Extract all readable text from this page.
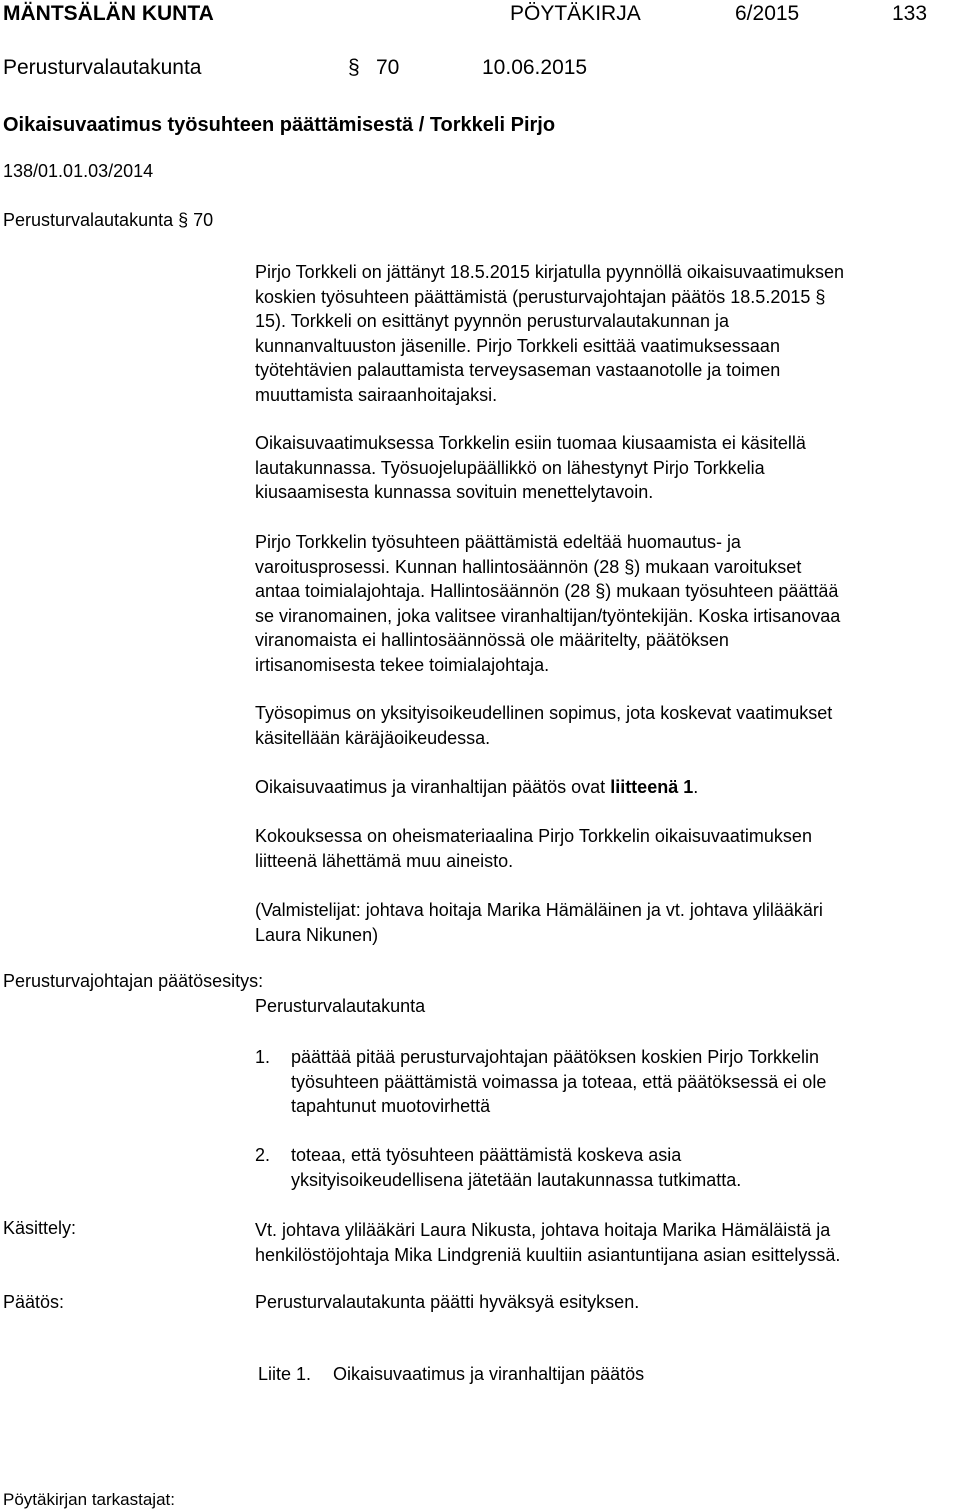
MÄNTSÄLÄN KUNTA	PÖYTÄKIRJA	6/2015	133
Perusturvalautakunta	§ 70	10.06.2015
Oikaisuvaatimus työsuhteen päättämisestä / Torkkeli Pirjo
138/01.01.03/2014
Perusturvalautakunta § 70

Pirjo Torkkeli on jättänyt 18.5.2015 kirjatulla pyynnöllä oikaisuvaatimuksen

koskien työsuhteen päättämistä (perusturvajohtajan päätös 18.5.2015 §

15). Torkkeli on esittänyt pyynnön perusturvalautakunnan ja

kunnanvaltuuston jäsenille. Pirjo Torkkeli esittää vaatimuksessaan

työtehtävien palauttamista terveysaseman vastaanotolle ja toimen

muuttamista sairaanhoitajaksi.

Oikaisuvaatimuksessa Torkkelin esiin tuomaa kiusaamista ei käsitellä

lautakunnassa. Työsuojelupäällikkö on lähestynyt Pirjo Torkkelia

kiusaamisesta kunnassa sovituin menettelytavoin.

Pirjo Torkkelin työsuhteen päättämistä edeltää huomautus- ja

varoitusprosessi. Kunnan hallintosäännön (28 §) mukaan varoitukset

antaa toimialajohtaja. Hallintosäännön (28 §) mukaan työsuhteen päättää

se viranomainen, joka valitsee viranhaltijan/työntekijän. Koska irtisanovaa

viranomaista ei hallintosäännössä ole määritelty, päätöksen

irtisanomisesta tekee toimialajohtaja.

Työsopimus on yksityisoikeudellinen sopimus, jota koskevat vaatimukset

käsitellään käräjäoikeudessa.

Oikaisuvaatimus ja viranhaltijan päätös ovat liitteenä 1.

Kokouksessa on oheismateriaalina Pirjo Torkkelin oikaisuvaatimuksen

liitteenä lähettämä muu aineisto.

(Valmistelijat: johtava hoitaja Marika Hämäläinen ja vt. johtava ylilääkäri

Laura Nikunen)

Perusturvajohtajan päätösesitys:
Perusturvalautakunta
1. päättää pitää perusturvajohtajan päätöksen koskien Pirjo Torkkelin
työsuhteen päättämistä voimassa ja toteaa, että päätöksessä ei ole
tapahtunut muotovirhettä
2. toteaa, että työsuhteen päättämistä koskeva asia
yksityisoikeudellisena jätetään lautakunnassa tutkimatta.
Käsittely:	Vt. johtava ylilääkäri Laura Nikusta, johtava hoitaja Marika Hämäläistä ja

henkilöstöjohtaja Mika Lindgreniä kuultiin asiantuntijana asian esittelyssä.

Päätös:	Perusturvalautakunta päätti hyväksyä esityksen.
Liite 1. Oikaisuvaatimus ja viranhaltijan päätös
Pöytäkirjan tarkastajat:
